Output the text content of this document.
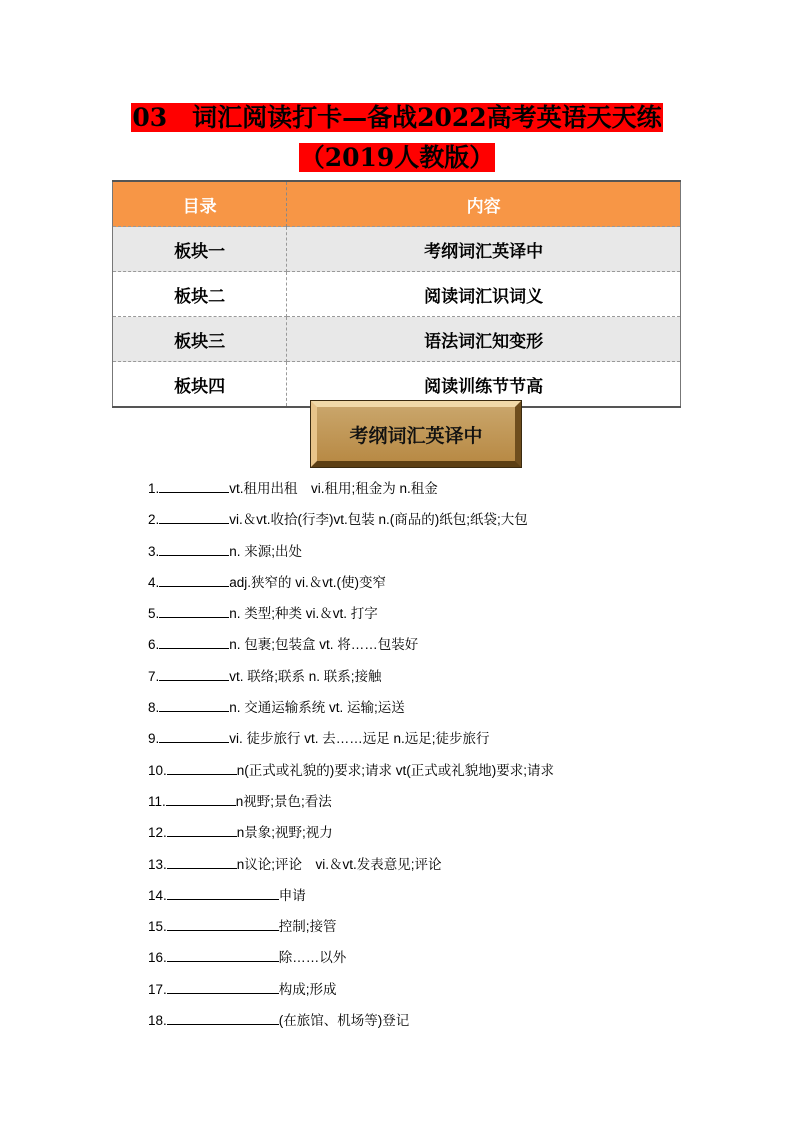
03　词汇阅读打卡—备战2022高考英语天天练
（2019人教版）
目录	内容
板块一	考纲词汇英译中
板块二	阅读词汇识词义
板块三	语法词汇知变形
板块四	阅读训练节节高
考纲词汇英译中
1.	vt.租用出租　vi.租用;租金为 n.租金
2.	vi.＆vt.收拾(行李)vt.包装 n.(商品的)纸包;纸袋;大包
3.	n. 来源;出处
4.	adj.狭窄的 vi.＆vt.(使)变窄
5.	n. 类型;种类 vi.＆vt. 打字
6.	n. 包裹;包装盒 vt. 将……包装好
7.	vt. 联络;联系 n. 联系;接触
8.	n. 交通运输系统 vt. 运输;运送
9.	vi. 徒步旅行 vt. 去……远足 n.远足;徒步旅行
10.	n(正式或礼貌的)要求;请求 vt(正式或礼貌地)要求;请求
11.	n视野;景色;看法
12.	n景象;视野;视力
13.	n议论;评论　vi.＆vt.发表意见;评论
14.	申请
15.	控制;接管
16.	除……以外
17.	构成;形成
18.	(在旅馆、机场等)登记
